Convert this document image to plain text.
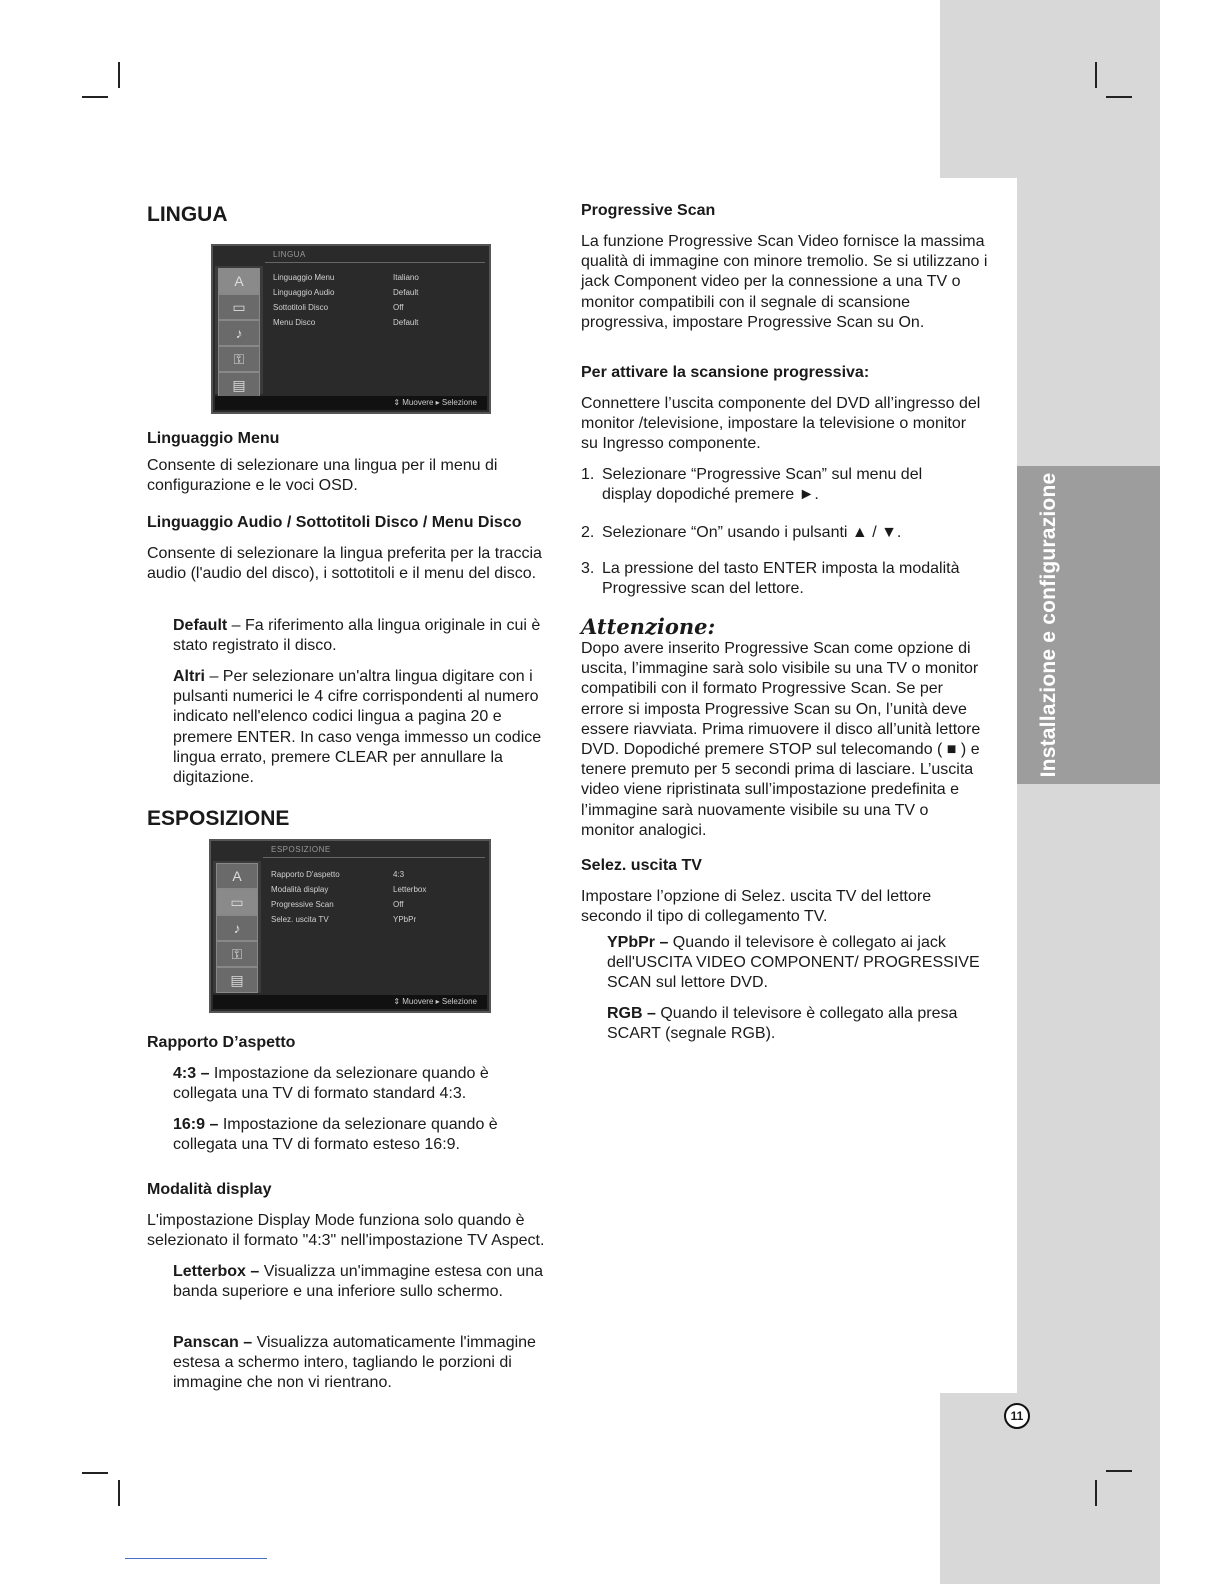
Installazione e configurazione
11
LINGUA
A
▭
♪
⚿
▤
LINGUA
Linguaggio Menu
Linguaggio Audio
Sottotitoli Disco
Menu Disco
Italiano
Default
Off
Default
⇕ Muovere ▸ Selezione
Linguaggio Menu

Consente di selezionare una lingua per il menu di configurazione e le voci OSD.

Linguaggio Audio / Sottotitoli Disco / Menu Disco

Consente di selezionare la lingua preferita per la traccia audio (l'audio del disco), i sottotitoli e il menu del disco.

Default – Fa riferimento alla lingua originale in cui è stato registrato il disco.

Altri – Per selezionare un'altra lingua digitare con i pulsanti numerici le 4 cifre corrispondenti al numero indicato nell'elenco codici lingua a pagina 20 e premere ENTER. In caso venga immesso un codice lingua errato, premere CLEAR per annullare la digitazione.

ESPOSIZIONE
A
▭
♪
⚿
▤
ESPOSIZIONE
Rapporto D'aspetto
Modalità display
Progressive Scan
Selez. uscita TV
4:3
Letterbox
Off
YPbPr
⇕ Muovere ▸ Selezione
Rapporto D’aspetto

4:3 – Impostazione da selezionare quando è collegata una TV di formato standard 4:3.

16:9 – Impostazione da selezionare quando è collegata una TV di formato esteso 16:9.

Modalità display

L'impostazione Display Mode funziona solo quando è selezionato il formato "4:3" nell'impostazione TV Aspect.

Letterbox – Visualizza un'immagine estesa con una banda superiore e una inferiore sullo schermo.

Panscan – Visualizza automaticamente l'immagine estesa a schermo intero, tagliando le porzioni di immagine che non vi rientrano.

Progressive Scan

La funzione Progressive Scan Video fornisce la massima qualità di immagine con minore tremolio. Se si utilizzano i jack Component video per la connessione a una TV o monitor compatibili con il segnale di scansione progressiva, impostare Progressive Scan su On.

Per attivare la scansione progressiva:

Connettere l’uscita componente del DVD all’ingresso del monitor /televisione, impostare la televisione o monitor su Ingresso componente.

1. Selezionare “Progressive Scan” sul menu del display dopodiché premere ►.

2. Selezionare “On” usando i pulsanti ▲ / ▼.

3. La pressione del tasto ENTER imposta la modalità Progressive scan del lettore.

Attenzione:

Dopo avere inserito Progressive Scan come opzione di uscita, l’immagine sarà solo visibile su una TV o monitor compatibili con il formato Progressive Scan. Se per errore si imposta Progressive Scan su On, l’unità deve essere riavviata. Prima rimuovere il disco all’unità lettore DVD. Dopodiché premere STOP sul telecomando ( ■ ) e tenere premuto per 5 secondi prima di lasciare. L’uscita video viene ripristinata sull’impostazione predefinita e l’immagine sarà nuovamente visibile su una TV o monitor analogici.

Selez. uscita TV

Impostare l’opzione di Selez. uscita TV del lettore secondo il tipo di collegamento TV.

YPbPr – Quando il televisore è collegato ai jack dell'USCITA VIDEO COMPONENT/ PROGRESSIVE SCAN sul lettore DVD.

RGB – Quando il televisore è collegato alla presa SCART (segnale RGB).
